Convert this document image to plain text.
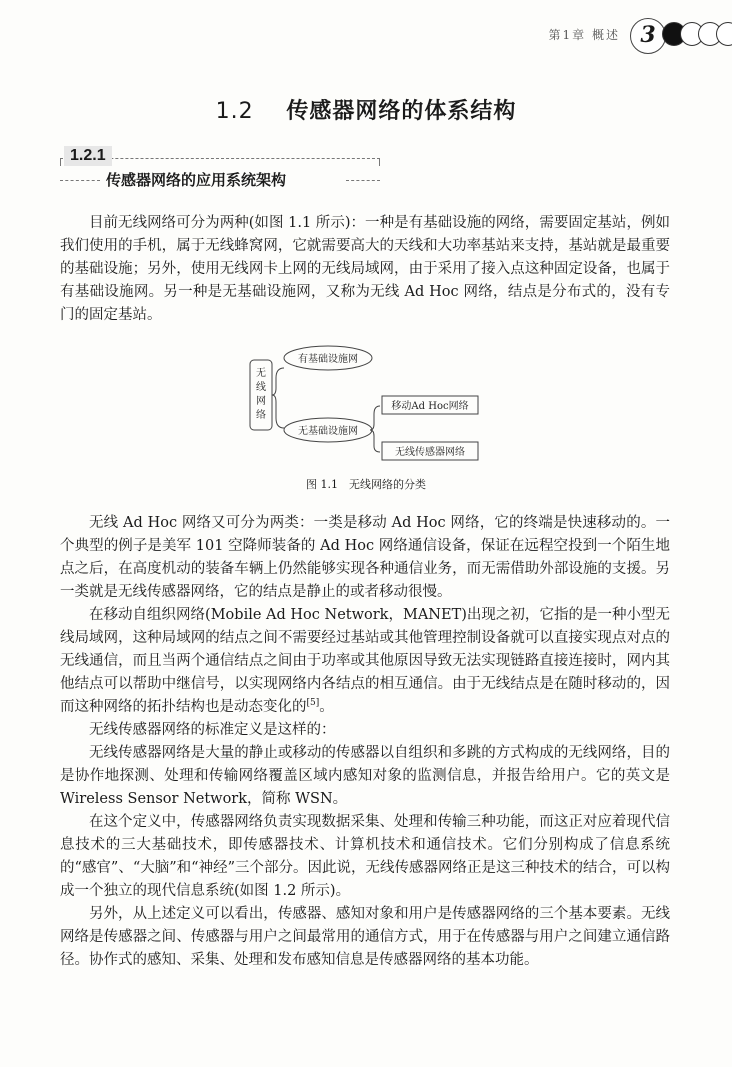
第1章 概述 3
1.2 传感器网络的体系结构
1.2.1
传感器网络的应用系统架构

目前无线网络可分为两种(如图 1.1 所示)：一种是有基础设施的网络，需要固定基站，例如我们使用的手机，属于无线蜂窝网，它就需要高大的天线和大功率基站来支持，基站就是最重要的基础设施；另外，使用无线网卡上网的无线局域网，由于采用了接入点这种固定设备，也属于有基础设施网。另一种是无基础设施网，又称为无线 Ad Hoc 网络，结点是分布式的，没有专门的固定基站。

无
线
网
络
有基础设施网
无基础设施网
移动Ad Hoc网络
无线传感器网络
图 1.1　无线网络的分类

无线 Ad Hoc 网络又可分为两类：一类是移动 Ad Hoc 网络，它的终端是快速移动的。一个典型的例子是美军 101 空降师装备的 Ad Hoc 网络通信设备，保证在远程空投到一个陌生地点之后，在高度机动的装备车辆上仍然能够实现各种通信业务，而无需借助外部设施的支援。另一类就是无线传感器网络，它的结点是静止的或者移动很慢。

在移动自组织网络(Mobile Ad Hoc Network，MANET)出现之初，它指的是一种小型无线局域网，这种局域网的结点之间不需要经过基站或其他管理控制设备就可以直接实现点对点的无线通信，而且当两个通信结点之间由于功率或其他原因导致无法实现链路直接连接时，网内其他结点可以帮助中继信号，以实现网络内各结点的相互通信。由于无线结点是在随时移动的，因而这种网络的拓扑结构也是动态变化的[5]。

无线传感器网络的标准定义是这样的：

无线传感器网络是大量的静止或移动的传感器以自组织和多跳的方式构成的无线网络，目的是协作地探测、处理和传输网络覆盖区域内感知对象的监测信息，并报告给用户。它的英文是 Wireless Sensor Network，简称 WSN。

在这个定义中，传感器网络负责实现数据采集、处理和传输三种功能，而这正对应着现代信息技术的三大基础技术，即传感器技术、计算机技术和通信技术。它们分别构成了信息系统的“感官”、“大脑”和“神经”三个部分。因此说，无线传感器网络正是这三种技术的结合，可以构成一个独立的现代信息系统(如图 1.2 所示)。

另外，从上述定义可以看出，传感器、感知对象和用户是传感器网络的三个基本要素。无线网络是传感器之间、传感器与用户之间最常用的通信方式，用于在传感器与用户之间建立通信路径。协作式的感知、采集、处理和发布感知信息是传感器网络的基本功能。
